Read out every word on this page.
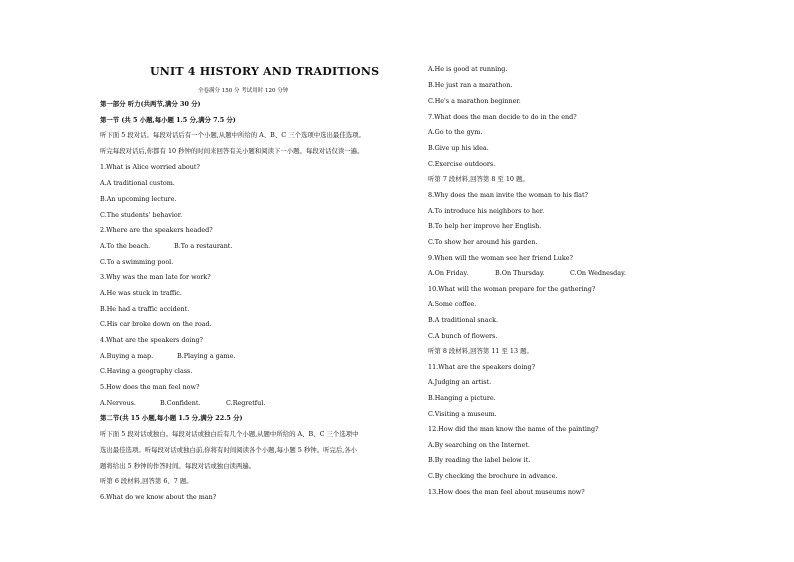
UNIT 4 HISTORY AND TRADITIONS
全卷满分 150 分 考试用时 120 分钟
第一部分 听力(共两节,满分 30 分)
第一节 (共 5 小题,每小题 1.5 分,满分 7.5 分)
听下面 5 段对话。每段对话后有一个小题,从题中所给的 A、B、C 三个选项中选出最佳选项。
听完每段对话后,你都有 10 秒钟的时间来回答有关小题和阅读下一小题。每段对话仅读一遍。
1.What is Alice worried about?
A.A traditional custom.
B.An upcoming lecture.
C.The students' behavior.
2.Where are the speakers headed?
A.To the beach.	B.To a restaurant.
C.To a swimming pool.
3.Why was the man late for work?
A.He was stuck in traffic.
B.He had a traffic accident.
C.His car broke down on the road.
4.What are the speakers doing?
A.Buying a map.	B.Playing a game.
C.Having a geography class.
5.How does the man feel now?
A.Nervous.	B.Confident.	C.Regretful.
第二节(共 15 小题,每小题 1.5 分,满分 22.5 分)
听下面 5 段对话或独白。每段对话或独白后有几个小题,从题中所给的 A、B、C 三个选项中
选出最佳选项。听每段对话或独白前,你将有时间阅读各个小题,每小题 5 秒钟。听完后,各小
题将给出 5 秒钟的作答时间。每段对话或独白读两遍。
听第 6 段材料,回答第 6、7 题。
6.What do we know about the man?
A.He is good at running.
B.He just ran a marathon.
C.He's a marathon beginner.
7.What does the man decide to do in the end?
A.Go to the gym.
B.Give up his idea.
C.Exercise outdoors.
听第 7 段材料,回答第 8 至 10 题。
8.Why does the man invite the woman to his flat?
A.To introduce his neighbors to her.
B.To help her improve her English.
C.To show her around his garden.
9.When will the woman see her friend Luke?
A.On Friday.	B.On Thursday.	C.On Wednesday.
10.What will the woman prepare for the gathering?
A.Some coffee.
B.A traditional snack.
C.A bunch of flowers.
听第 8 段材料,回答第 11 至 13 题。
11.What are the speakers doing?
A.Judging an artist.
B.Hanging a picture.
C.Visiting a museum.
12.How did the man know the name of the painting?
A.By searching on the Internet.
B.By reading the label below it.
C.By checking the brochure in advance.
13.How does the man feel about museums now?
